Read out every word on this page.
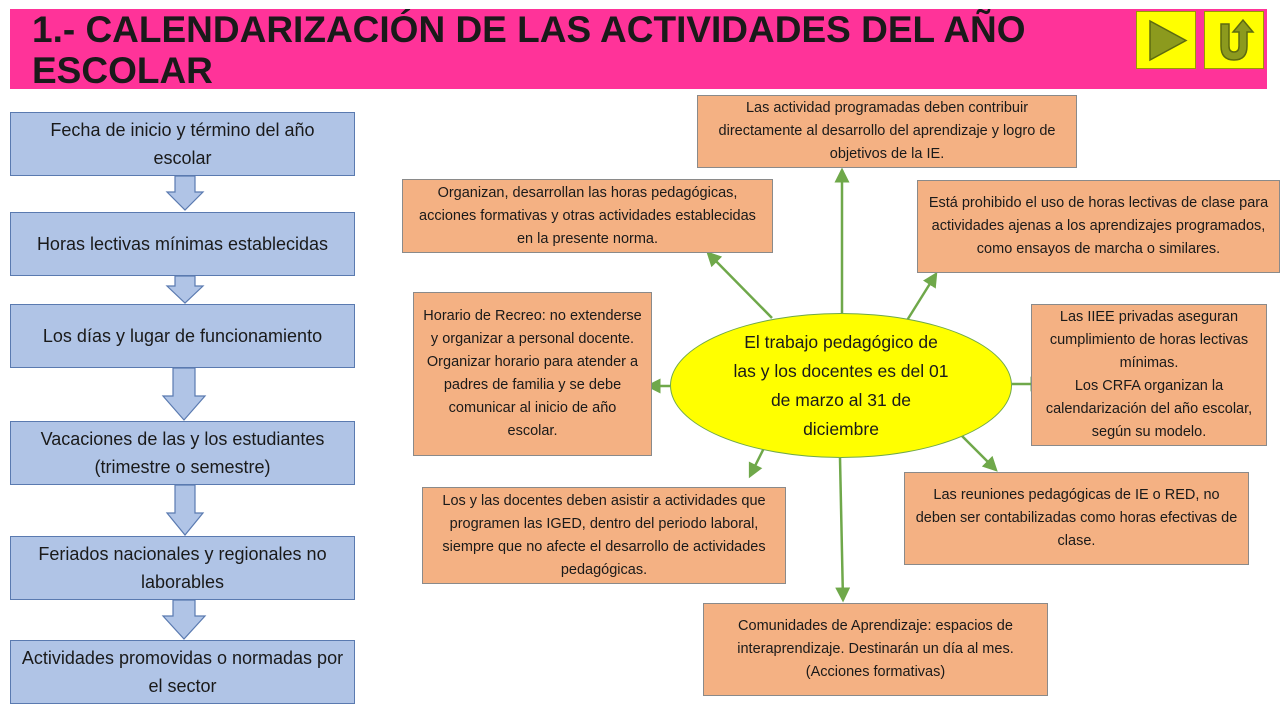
1.- CALENDARIZACIÓN DE LAS ACTIVIDADES DEL AÑO ESCOLAR
Fecha de inicio y término del año escolar
Horas lectivas mínimas establecidas
Los días y lugar de funcionamiento
Vacaciones de las y los estudiantes (trimestre o semestre)
Feriados nacionales y regionales no laborables
Actividades promovidas o normadas por el sector
El trabajo pedagógico de las y los docentes es del 01 de marzo al 31 de diciembre
Las actividad programadas deben contribuir directamente al desarrollo del aprendizaje y logro de objetivos de la IE.
Organizan, desarrollan las horas pedagógicas, acciones formativas y otras actividades establecidas en la presente norma.
Está prohibido el uso de horas lectivas de clase para actividades ajenas a los aprendizajes programados, como ensayos de marcha o similares.
Horario de Recreo: no extenderse y organizar a personal docente. Organizar horario para atender a padres de familia y se debe comunicar al inicio de año escolar.
Las IIEE privadas aseguran cumplimiento de horas lectivas mínimas.
Los CRFA organizan la calendarización del año escolar, según su modelo.
Los y las docentes deben asistir a actividades que programen las IGED, dentro del periodo laboral, siempre que no afecte el desarrollo de actividades pedagógicas.
Las reuniones pedagógicas de IE o RED, no deben ser contabilizadas como horas efectivas de clase.
Comunidades de Aprendizaje: espacios de interaprendizaje. Destinarán un día al mes. (Acciones formativas)
